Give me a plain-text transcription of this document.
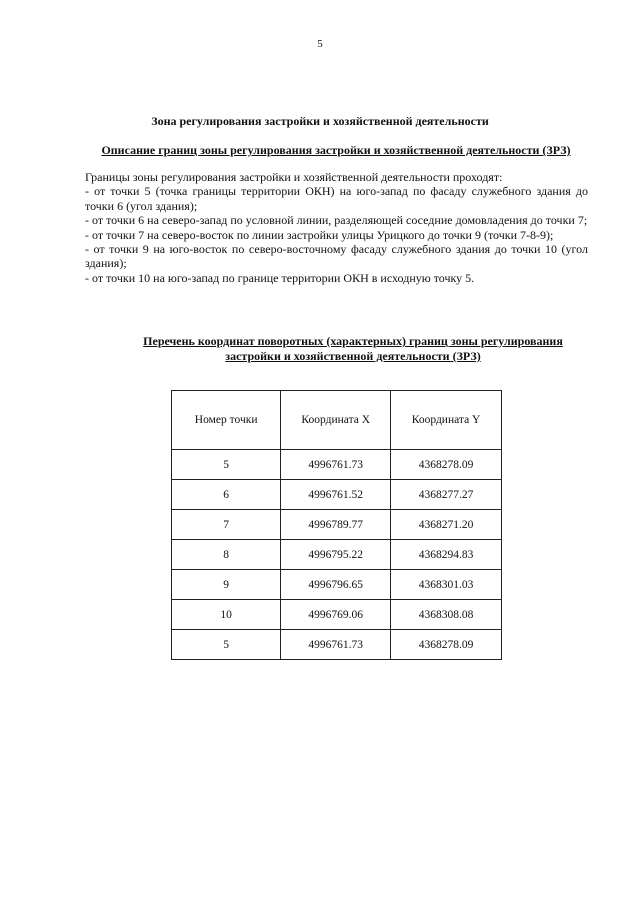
5
Зона регулирования застройки и хозяйственной деятельности
Описание границ зоны регулирования застройки и хозяйственной деятельности (ЗРЗ)

Границы зоны регулирования застройки и хозяйственной деятельности проходят:

- от точки 5 (точка границы территории ОКН) на юго-запад по фасаду служебного здания до точки 6 (угол здания);

- от точки 6 на северо-запад по условной линии, разделяющей соседние домовладения до точки 7;

- от точки 7 на северо-восток по линии застройки улицы Урицкого до точки 9 (точки 7-8-9);

- от точки 9 на юго-восток по северо-восточному фасаду служебного здания до точки 10 (угол здания);

- от точки 10 на юго-запад по границе территории ОКН в исходную точку 5.

Перечень координат поворотных (характерных) границ зоны регулирования
застройки и хозяйственной деятельности (ЗРЗ)
Номер точки	Координата X	Координата Y
5	4996761.73	4368278.09
6	4996761.52	4368277.27
7	4996789.77	4368271.20
8	4996795.22	4368294.83
9	4996796.65	4368301.03
10	4996769.06	4368308.08
5	4996761.73	4368278.09
